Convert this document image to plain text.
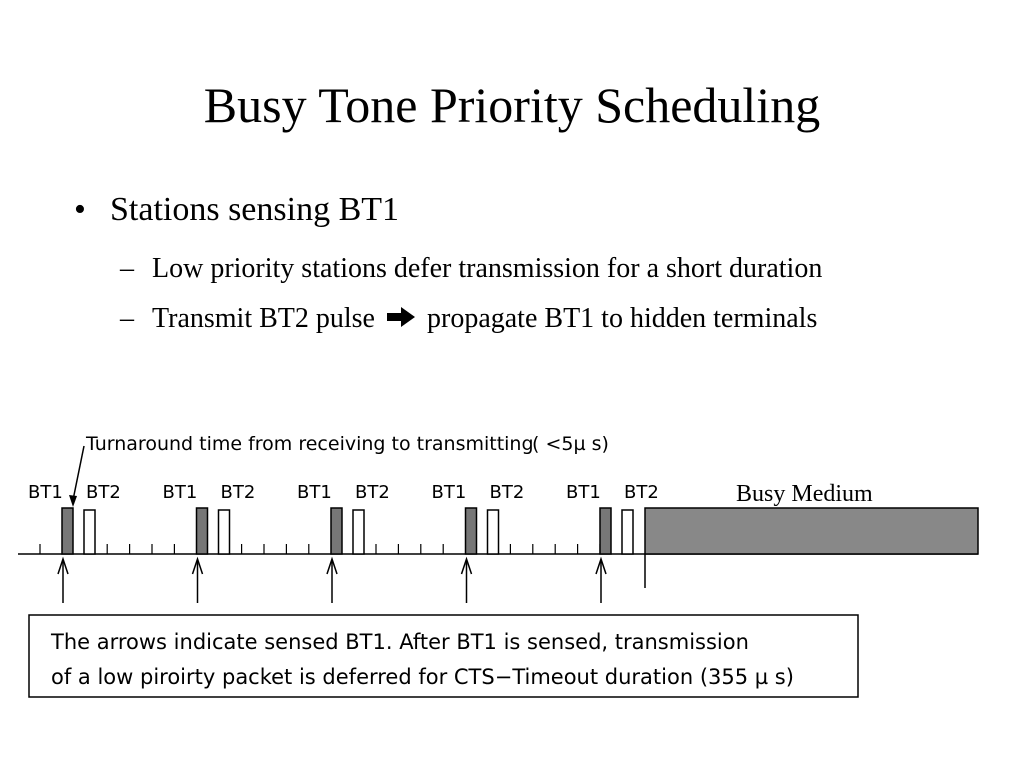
Busy Tone Priority Scheduling
• Stations sensing BT1
– Low priority stations defer transmission for a short duration
– Transmit BT2 pulse propagate BT1 to hidden terminals
Turnaround time from receiving to transmitting
( <5µ s)
BT1 BT2 BT1 BT2 BT1 BT2 BT1 BT2 BT1 BT2	Busy Medium
The arrows indicate sensed BT1. After BT1 is sensed, transmission
of a low piroirty packet is deferred for CTS−Timeout duration (355 µ s)
